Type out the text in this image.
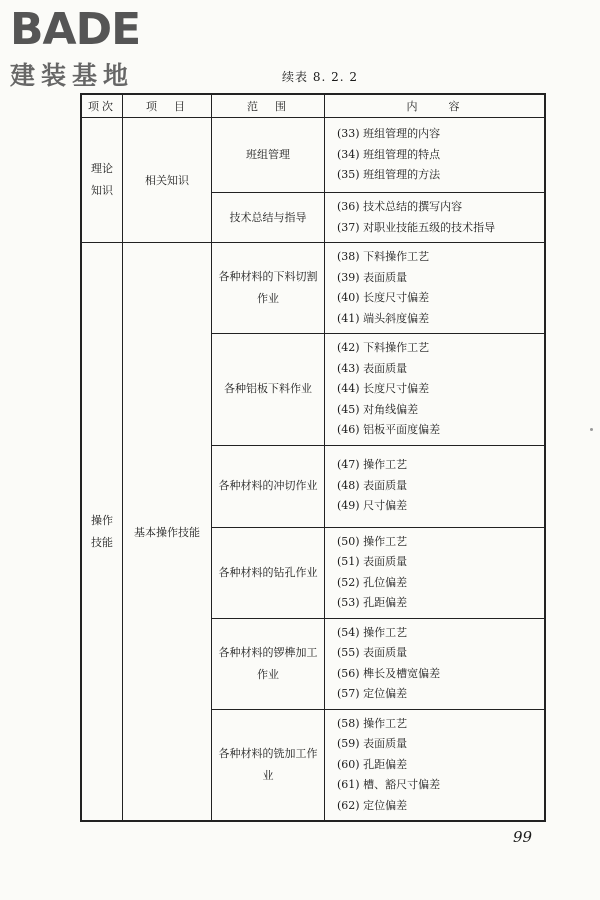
BADE
建装基地	续表 8. 2. 2
项次	项　目	范　围	内　　容
理论知识	相关知识	班组管理	(33) 班组管理的内容
(34) 班组管理的特点
(35) 班组管理的方法

		技术总结与指导	(36) 技术总结的撰写内容
(37) 对职业技能五级的技术指导

操作技能	基本操作技能	各种材料的下料切割作业	(38) 下料操作工艺
(39) 表面质量
(40) 长度尺寸偏差
(41) 端头斜度偏差

		各种铝板下料作业	(42) 下料操作工艺
(43) 表面质量
(44) 长度尺寸偏差
(45) 对角线偏差
(46) 铝板平面度偏差

		各种材料的冲切作业	(47) 操作工艺
(48) 表面质量
(49) 尺寸偏差

		各种材料的钻孔作业	(50) 操作工艺
(51) 表面质量
(52) 孔位偏差
(53) 孔距偏差

		各种材料的锣榫加工作业	(54) 操作工艺
(55) 表面质量
(56) 榫长及槽宽偏差
(57) 定位偏差

		各种材料的铣加工作业	(58) 操作工艺
(59) 表面质量
(60) 孔距偏差
(61) 槽、豁尺寸偏差
(62) 定位偏差
99
